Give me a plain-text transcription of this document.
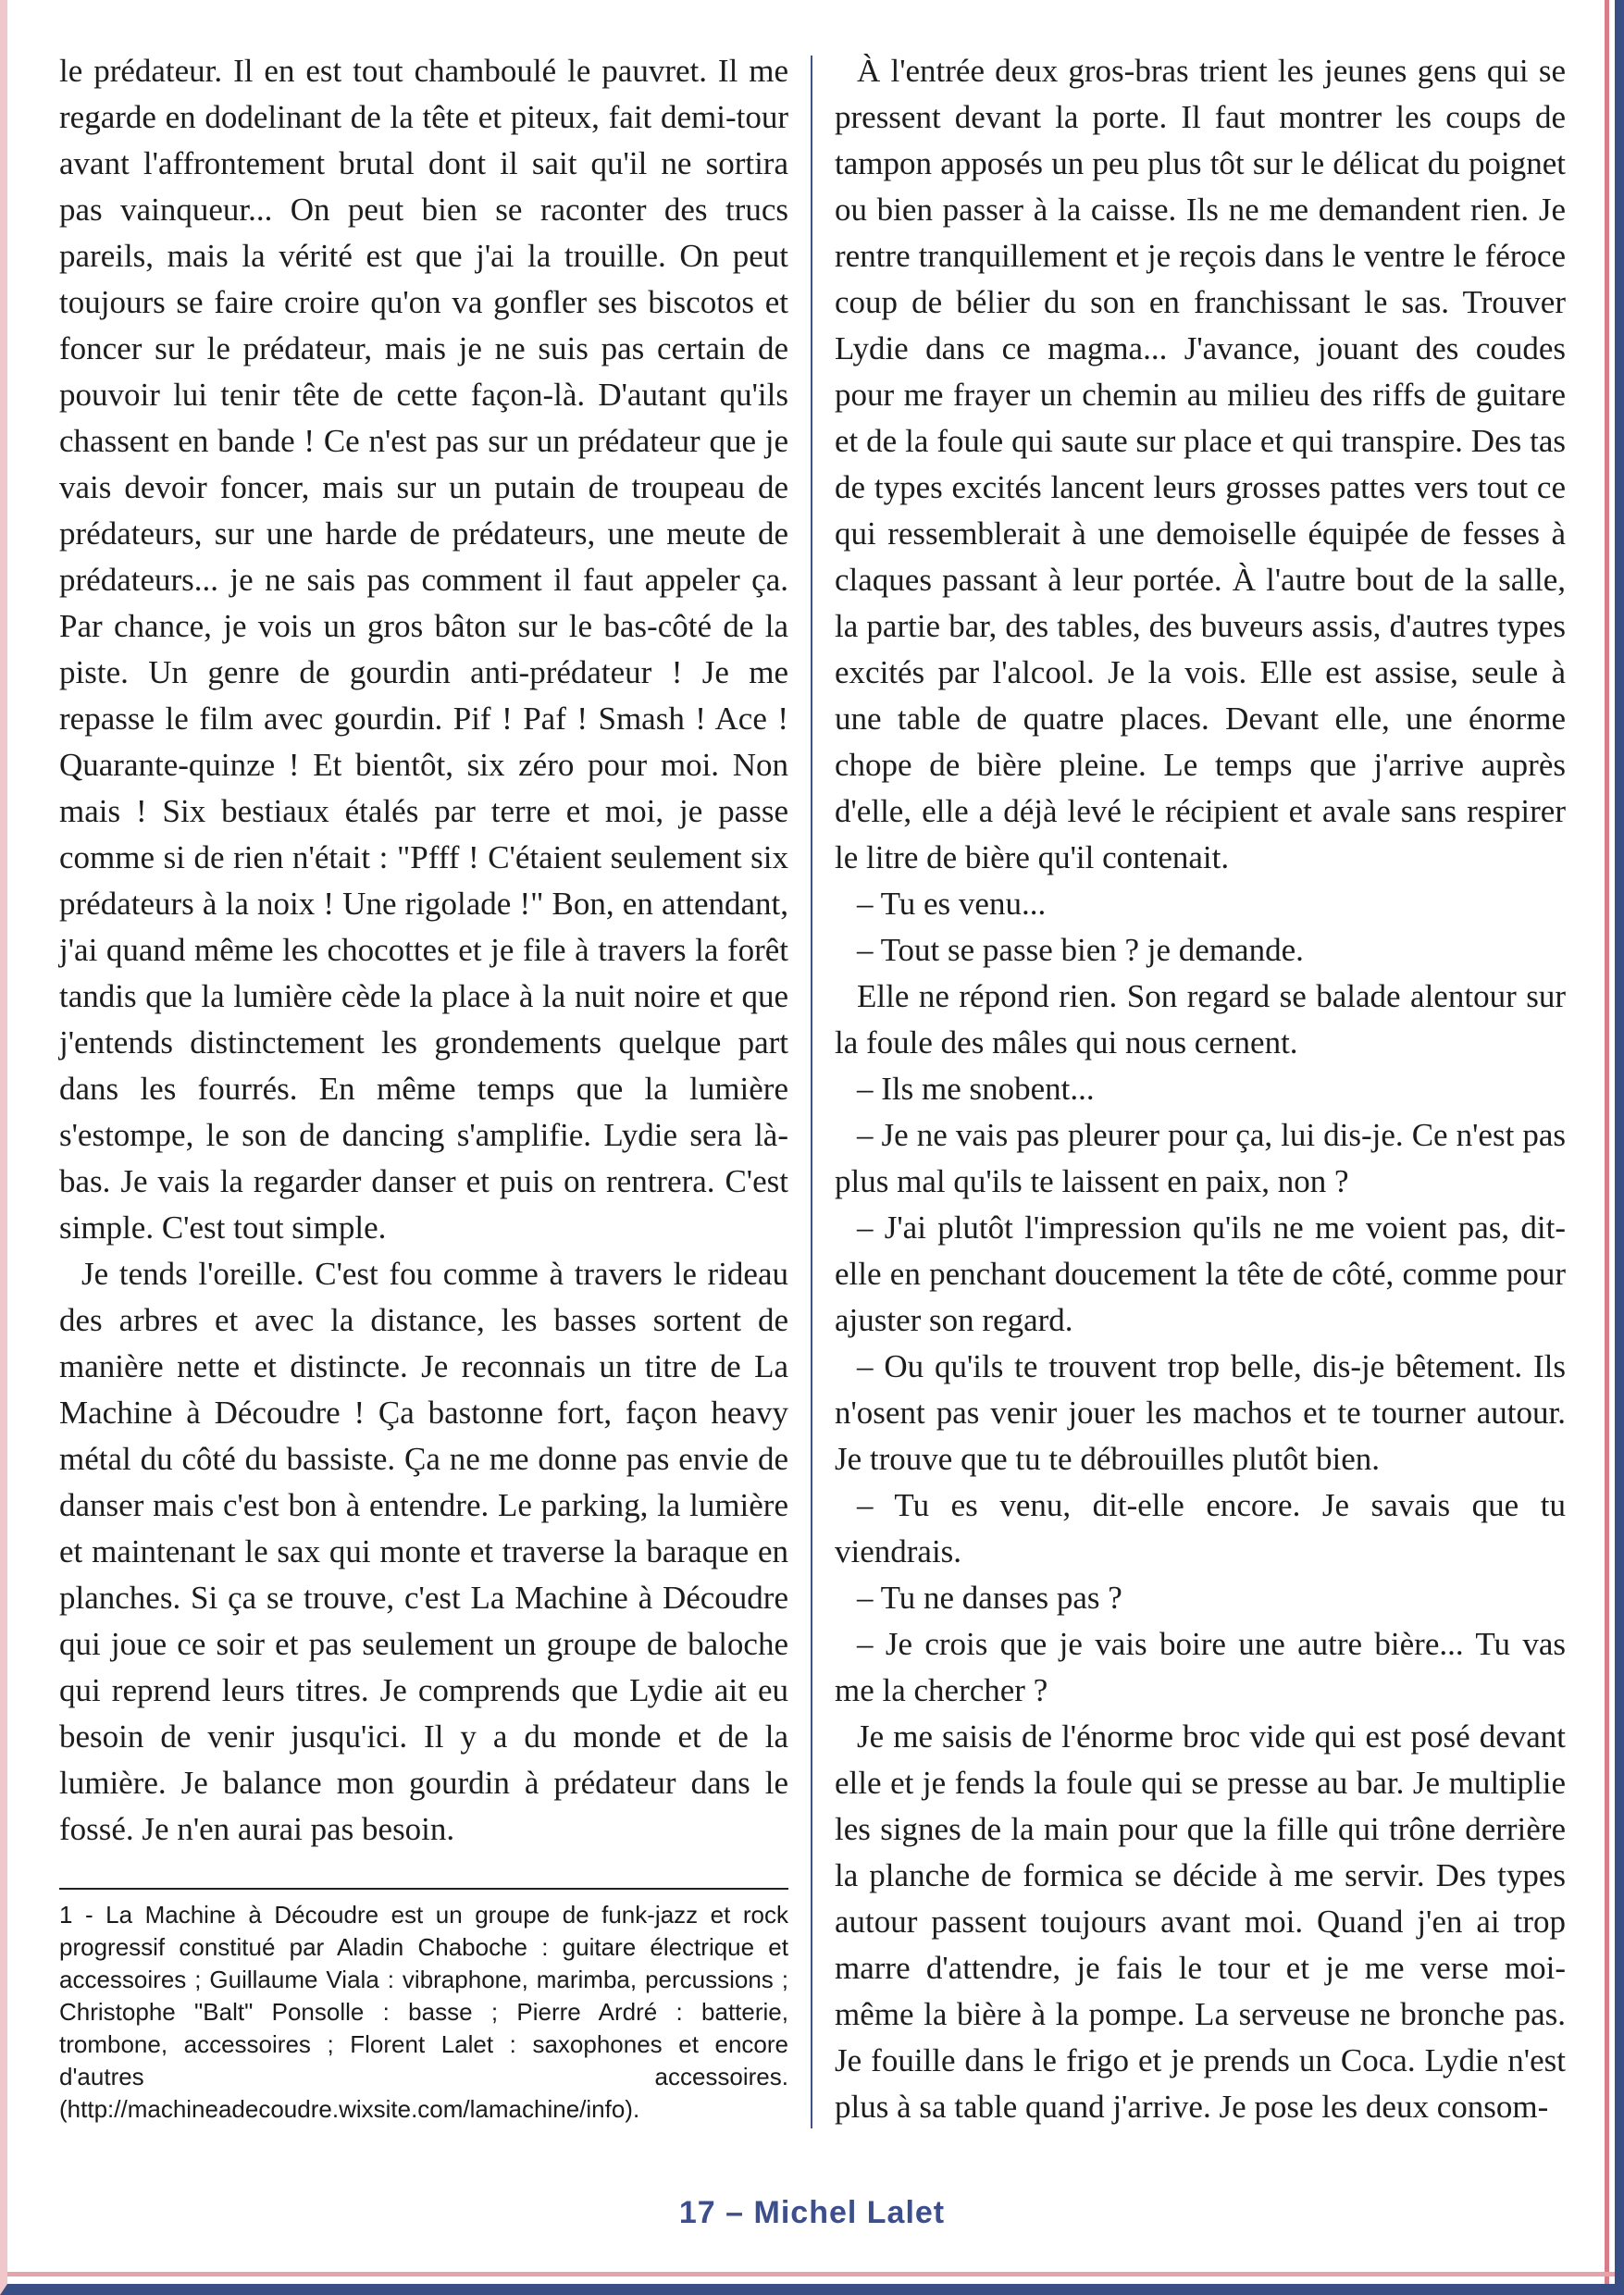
le prédateur. Il en est tout chamboulé le pauvret. Il me regarde en dodelinant de la tête et piteux, fait demi-tour avant l'affrontement brutal dont il sait qu'il ne sortira pas vainqueur... On peut bien se raconter des trucs pareils, mais la vérité est que j'ai la trouille. On peut toujours se faire croire qu'on va gonfler ses biscotos et foncer sur le prédateur, mais je ne suis pas certain de pouvoir lui tenir tête de cette façon-là. D'autant qu'ils chassent en bande ! Ce n'est pas sur un prédateur que je vais devoir foncer, mais sur un putain de troupeau de prédateurs, sur une harde de prédateurs, une meute de prédateurs... je ne sais pas comment il faut appeler ça. Par chance, je vois un gros bâton sur le bas-côté de la piste. Un genre de gourdin anti-prédateur ! Je me repasse le film avec gourdin. Pif ! Paf ! Smash ! Ace ! Quarante-quinze ! Et bientôt, six zéro pour moi. Non mais ! Six bestiaux étalés par terre et moi, je passe comme si de rien n'était : "Pfff ! C'étaient seulement six prédateurs à la noix ! Une rigolade !" Bon, en attendant, j'ai quand même les chocottes et je file à travers la forêt tandis que la lumière cède la place à la nuit noire et que j'entends distinctement les grondements quelque part dans les fourrés. En même temps que la lumière s'estompe, le son de dancing s'amplifie. Lydie sera là-bas. Je vais la regarder danser et puis on rentrera. C'est simple. C'est tout simple.

Je tends l'oreille. C'est fou comme à travers le rideau des arbres et avec la distance, les basses sortent de manière nette et distincte. Je reconnais un titre de La Machine à Découdre ! Ça bastonne fort, façon heavy métal du côté du bassiste. Ça ne me donne pas envie de danser mais c'est bon à entendre. Le parking, la lumière et maintenant le sax qui monte et traverse la baraque en planches. Si ça se trouve, c'est La Machine à Découdre qui joue ce soir et pas seulement un groupe de baloche qui reprend leurs titres. Je comprends que Lydie ait eu besoin de venir jusqu'ici. Il y a du monde et de la lumière. Je balance mon gourdin à prédateur dans le fossé. Je n'en aurai pas besoin.

1 - La Machine à Découdre est un groupe de funk-jazz et rock progressif constitué par Aladin Chaboche : guitare électrique et accessoires ; Guillaume Viala : vibraphone, marimba, percussions ; Christophe "Balt" Ponsolle : basse ; Pierre Ardré : batterie, trombone, accessoires ; Florent Lalet : saxophones et encore d'autres accessoires. (http://machineadecoudre.wixsite.com/lamachine/info).

À l'entrée deux gros-bras trient les jeunes gens qui se pressent devant la porte. Il faut montrer les coups de tampon apposés un peu plus tôt sur le délicat du poignet ou bien passer à la caisse. Ils ne me demandent rien. Je rentre tranquillement et je reçois dans le ventre le féroce coup de bélier du son en franchissant le sas. Trouver Lydie dans ce magma... J'avance, jouant des coudes pour me frayer un chemin au milieu des riffs de guitare et de la foule qui saute sur place et qui transpire. Des tas de types excités lancent leurs grosses pattes vers tout ce qui ressemblerait à une demoiselle équipée de fesses à claques passant à leur portée. À l'autre bout de la salle, la partie bar, des tables, des buveurs assis, d'autres types excités par l'alcool. Je la vois. Elle est assise, seule à une table de quatre places. Devant elle, une énorme chope de bière pleine. Le temps que j'arrive auprès d'elle, elle a déjà levé le récipient et avale sans respirer le litre de bière qu'il contenait.

– Tu es venu...

– Tout se passe bien ? je demande.

Elle ne répond rien. Son regard se balade alentour sur la foule des mâles qui nous cernent.

– Ils me snobent...

– Je ne vais pas pleurer pour ça, lui dis-je. Ce n'est pas plus mal qu'ils te laissent en paix, non ?

– J'ai plutôt l'impression qu'ils ne me voient pas, dit-elle en penchant doucement la tête de côté, comme pour ajuster son regard.

– Ou qu'ils te trouvent trop belle, dis-je bêtement. Ils n'osent pas venir jouer les machos et te tourner autour. Je trouve que tu te débrouilles plutôt bien.

– Tu es venu, dit-elle encore. Je savais que tu viendrais.

– Tu ne danses pas ?

– Je crois que je vais boire une autre bière... Tu vas me la chercher ?

Je me saisis de l'énorme broc vide qui est posé devant elle et je fends la foule qui se presse au bar. Je multiplie les signes de la main pour que la fille qui trône derrière la planche de formica se décide à me servir. Des types autour passent toujours avant moi. Quand j'en ai trop marre d'attendre, je fais le tour et je me verse moi-même la bière à la pompe. La serveuse ne bronche pas. Je fouille dans le frigo et je prends un Coca. Lydie n'est plus à sa table quand j'arrive. Je pose les deux consom-

17 – Michel Lalet
